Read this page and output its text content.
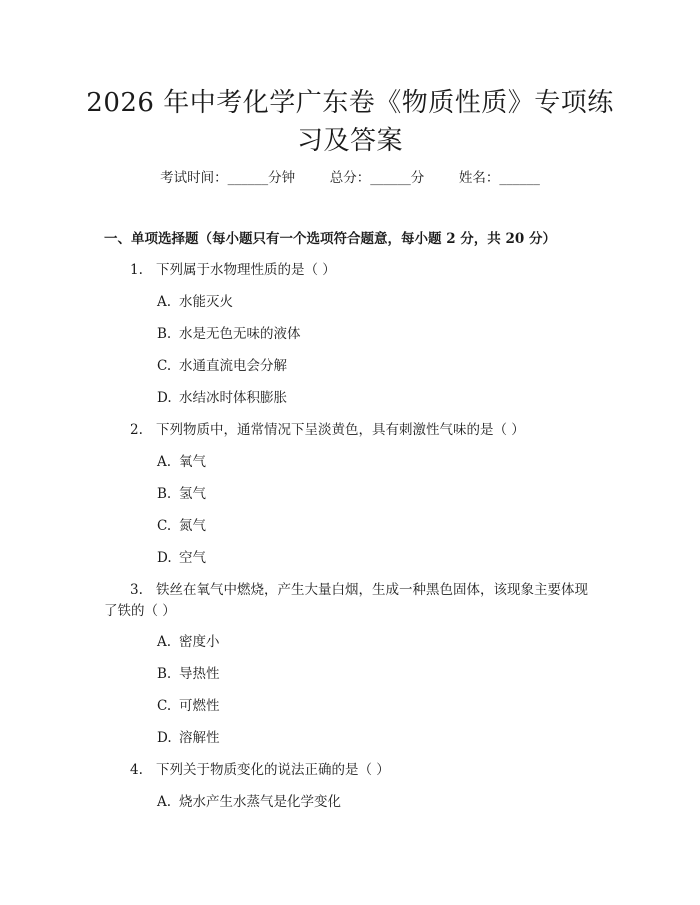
2026 年中考化学广东卷《物质性质》专项练
习及答案
考试时间：______分钟	总分：______分	姓名：______
一、单项选择题（每小题只有一个选项符合题意，每小题 2 分，共 20 分）
1. 下列属于水物理性质的是（ ）
A. 水能灭火
B. 水是无色无味的液体
C. 水通直流电会分解
D. 水结冰时体积膨胀
2. 下列物质中，通常情况下呈淡黄色，具有刺激性气味的是（ ）
A. 氧气
B. 氢气
C. 氮气
D. 空气
3. 铁丝在氧气中燃烧，产生大量白烟，生成一种黑色固体，该现象主要体现
了铁的（ ）
A. 密度小
B. 导热性
C. 可燃性
D. 溶解性
4. 下列关于物质变化的说法正确的是（ ）
A. 烧水产生水蒸气是化学变化
